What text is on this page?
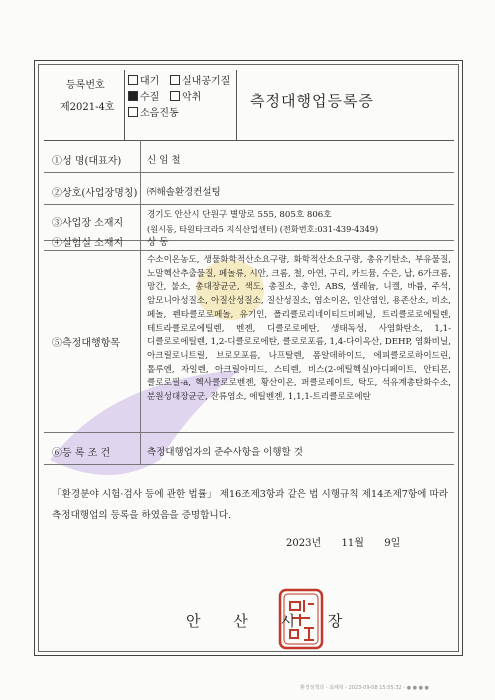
등록번호
제2021-4호
대기	실내공기질
수질	악취
소음진동
측정대행업등록증
①성 명(대표자)	신 임 철
②상호(사업장명칭) ㈜해솔환경컨설팅
③사업장 소재지
경기도 안산시 단원구 별망로 555, 805호 806호
(원시동, 타원타크라5 지식산업센터) (전화번호:031-439-4349)
④실험실 소재지	상 동
⑤측정대행항목
수소이온농도, 생물화학적산소요구량, 화학적산소요구량, 총유기탄소, 부유물질, 노말헥산추출물질, 페놀류, 시안, 크롬, 철, 아연, 구리, 카드뮴, 수은, 납, 6가크롬, 망간, 불소, 총대장균군, 색도, 총질소, 총인, ABS, 셀레늄, 니켈, 바륨, 주석, 암모니아성질소, 아질산성질소, 질산성질소, 염소이온, 인산염인, 용존산소, 비소, 페놀, 펜타클로로페놀, 유기인, 폴리클로리네이티드비페닐, 트리클로로에틸렌, 테트라클로로에틸렌, 벤젠, 디클로로메탄, 생태독성, 사염화탄소, 1,1-디클로로에틸렌, 1,2-디클로로에탄, 클로로포름, 1,4-다이옥산, DEHP, 염화비닐, 아크릴로니트릴, 브로모포름, 나프탈렌, 폼알데하이드, 에피클로로하이드린, 톨루엔, 자일렌, 아크릴아미드, 스티렌, 비스(2-에틸헥실)아디페이트, 안티몬, 클로로필-a, 헥사클로로벤젠, 황산이온, 퍼클로레이트, 탁도, 석유계총탄화수소, 분원성대장균군, 잔류염소, 에틸벤젠, 1,1,1-트리클로로에탄
⑥등 록 조 건	측정대행업자의 준수사항을 이행할 것
「환경분야 시험·검사 등에 관한 법률」 제16조제3항과 같은 법 시행규칙 제14조제7항에 따라 측정대행업의 등록을 하였음을 증명합니다.
2023년 11월 9일
안 산 시 장
환경정책과 - 최해혁 - 2023-09-08 15:55:32 - ● ● ● ●
